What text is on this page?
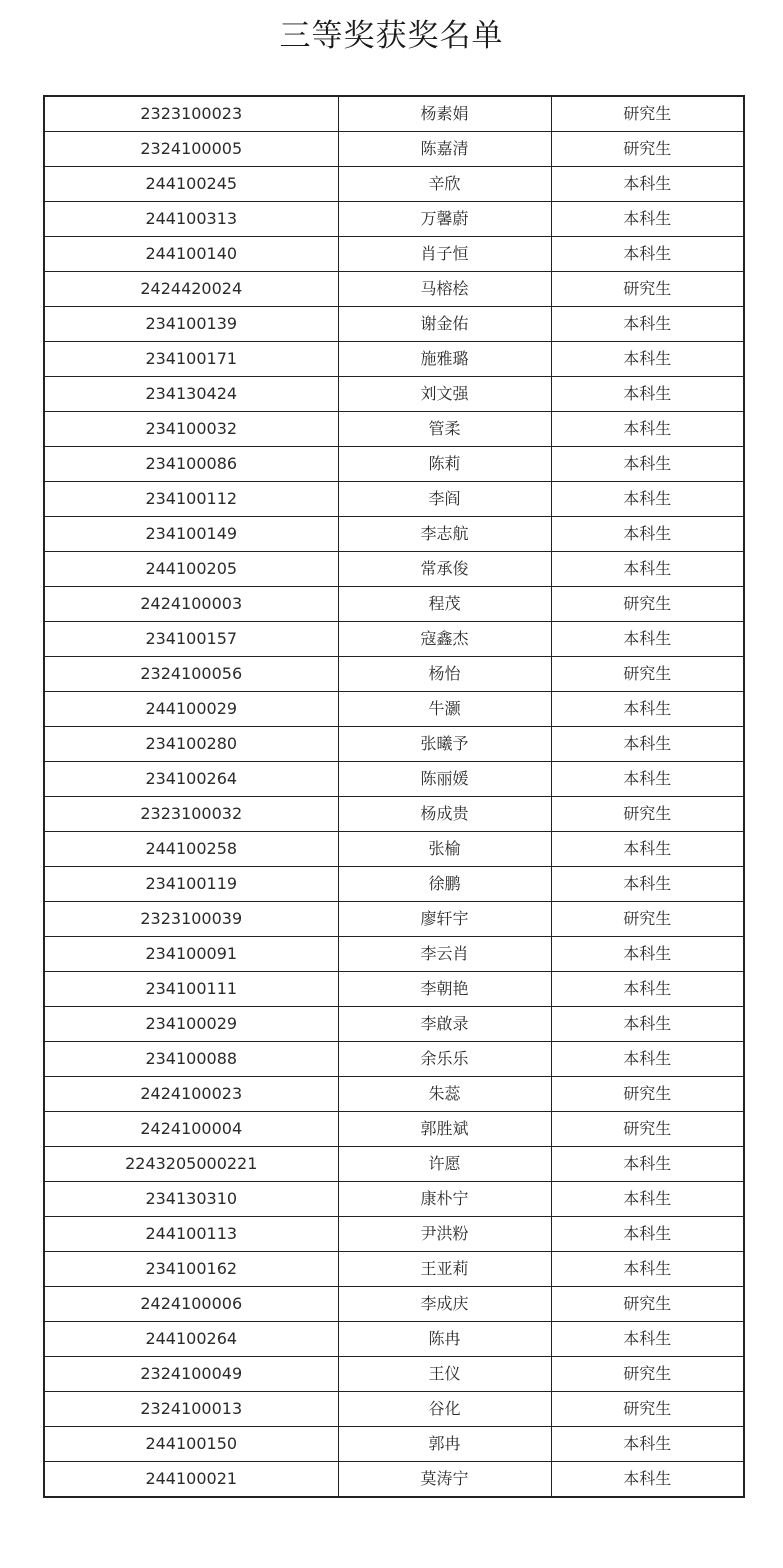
三等奖获奖名单
2323100023	杨素娟	研究生
2324100005	陈嘉清	研究生
244100245	辛欣	本科生
244100313	万馨蔚	本科生
244100140	肖子恒	本科生
2424420024	马榕桧	研究生
234100139	谢金佑	本科生
234100171	施雅璐	本科生
234130424	刘文强	本科生
234100032	管柔	本科生
234100086	陈莉	本科生
234100112	李阎	本科生
234100149	李志航	本科生
244100205	常承俊	本科生
2424100003	程茂	研究生
234100157	寇鑫杰	本科生
2324100056	杨怡	研究生
244100029	牛灏	本科生
234100280	张曦予	本科生
234100264	陈丽媛	本科生
2323100032	杨成贵	研究生
244100258	张榆	本科生
234100119	徐鹏	本科生
2323100039	廖轩宇	研究生
234100091	李云肖	本科生
234100111	李朝艳	本科生
234100029	李啟录	本科生
234100088	余乐乐	本科生
2424100023	朱蕊	研究生
2424100004	郭胜斌	研究生
2243205000221	许愿	本科生
234130310	康朴宁	本科生
244100113	尹洪粉	本科生
234100162	王亚莉	本科生
2424100006	李成庆	研究生
244100264	陈冉	本科生
2324100049	王仪	研究生
2324100013	谷化	研究生
244100150	郭冉	本科生
244100021	莫涛宁	本科生
